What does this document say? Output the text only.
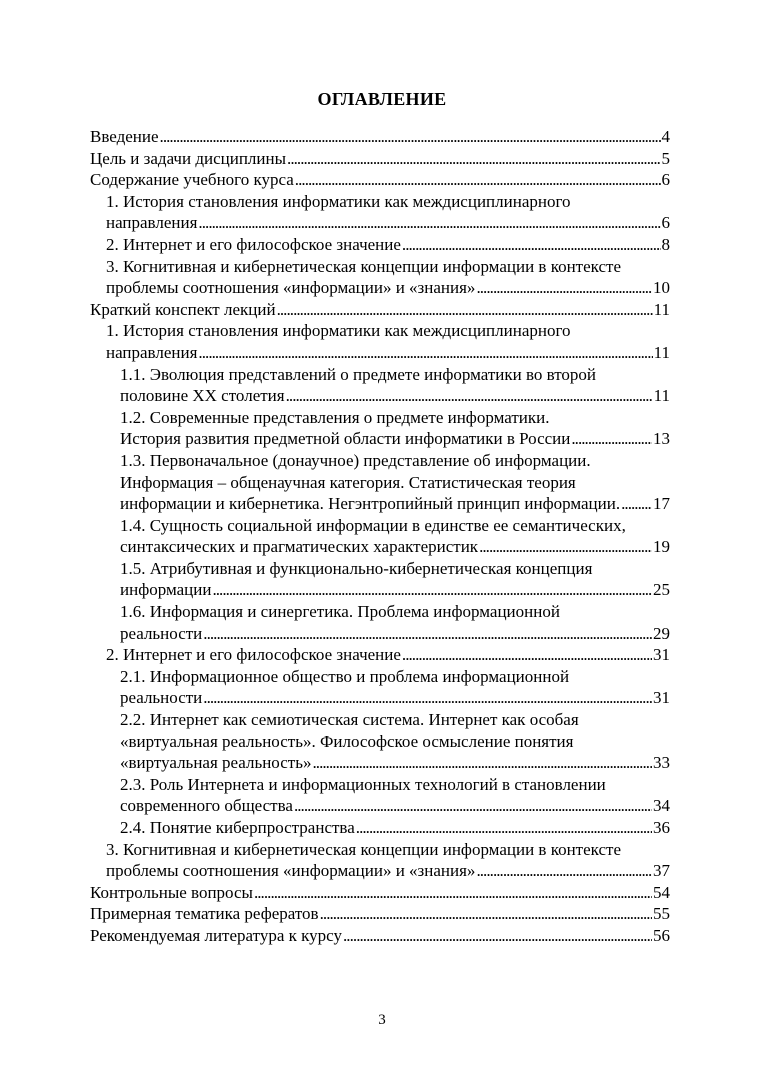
ОГЛАВЛЕНИЕ
Введение . . .	4
Цель и задачи дисциплины . . .	5
Содержание учебного курса . . .	6
1. История становления информатики как междисциплинарного
направления . . .	6
2. Интернет и его философское значение . . .	8
3. Когнитивная и кибернетическая концепции информации в контексте
проблемы соотношения «информации» и «знания» . . .	10
Краткий конспект лекций . . .	11
1. История становления информатики как междисциплинарного
направления . . .	11
1.1. Эволюция представлений о предмете информатики во второй
половине XX столетия . . .	11
1.2. Современные представления о предмете информатики.
История развития предметной области информатики в России . . .	13
1.3. Первоначальное (донаучное) представление об информации.
Информация – общенаучная категория. Статистическая теория
информации и кибернетика. Негэнтропийный принцип информации. . . . 17
1.4. Сущность социальной информации в единстве ее семантических,
синтаксических и прагматических характеристик . . .	19
1.5. Атрибутивная и функционально-кибернетическая концепция
информации . . .	25
1.6. Информация и синергетика. Проблема информационной
реальности . . .	29
2. Интернет и его философское значение . . .	31
2.1. Информационное общество и проблема информационной
реальности . . .	31
2.2. Интернет как семиотическая система. Интернет как особая
«виртуальная реальность». Философское осмысление понятия
«виртуальная реальность» . . .	33
2.3. Роль Интернета и информационных технологий в становлении
современного общества . . .	34
2.4. Понятие киберпространства . . .	36
3. Когнитивная и кибернетическая концепции информации в контексте
проблемы соотношения «информации» и «знания» . . .	37
Контрольные вопросы . . .	54
Примерная тематика рефератов . . .	55
Рекомендуемая литература к курсу . . .	56
3
